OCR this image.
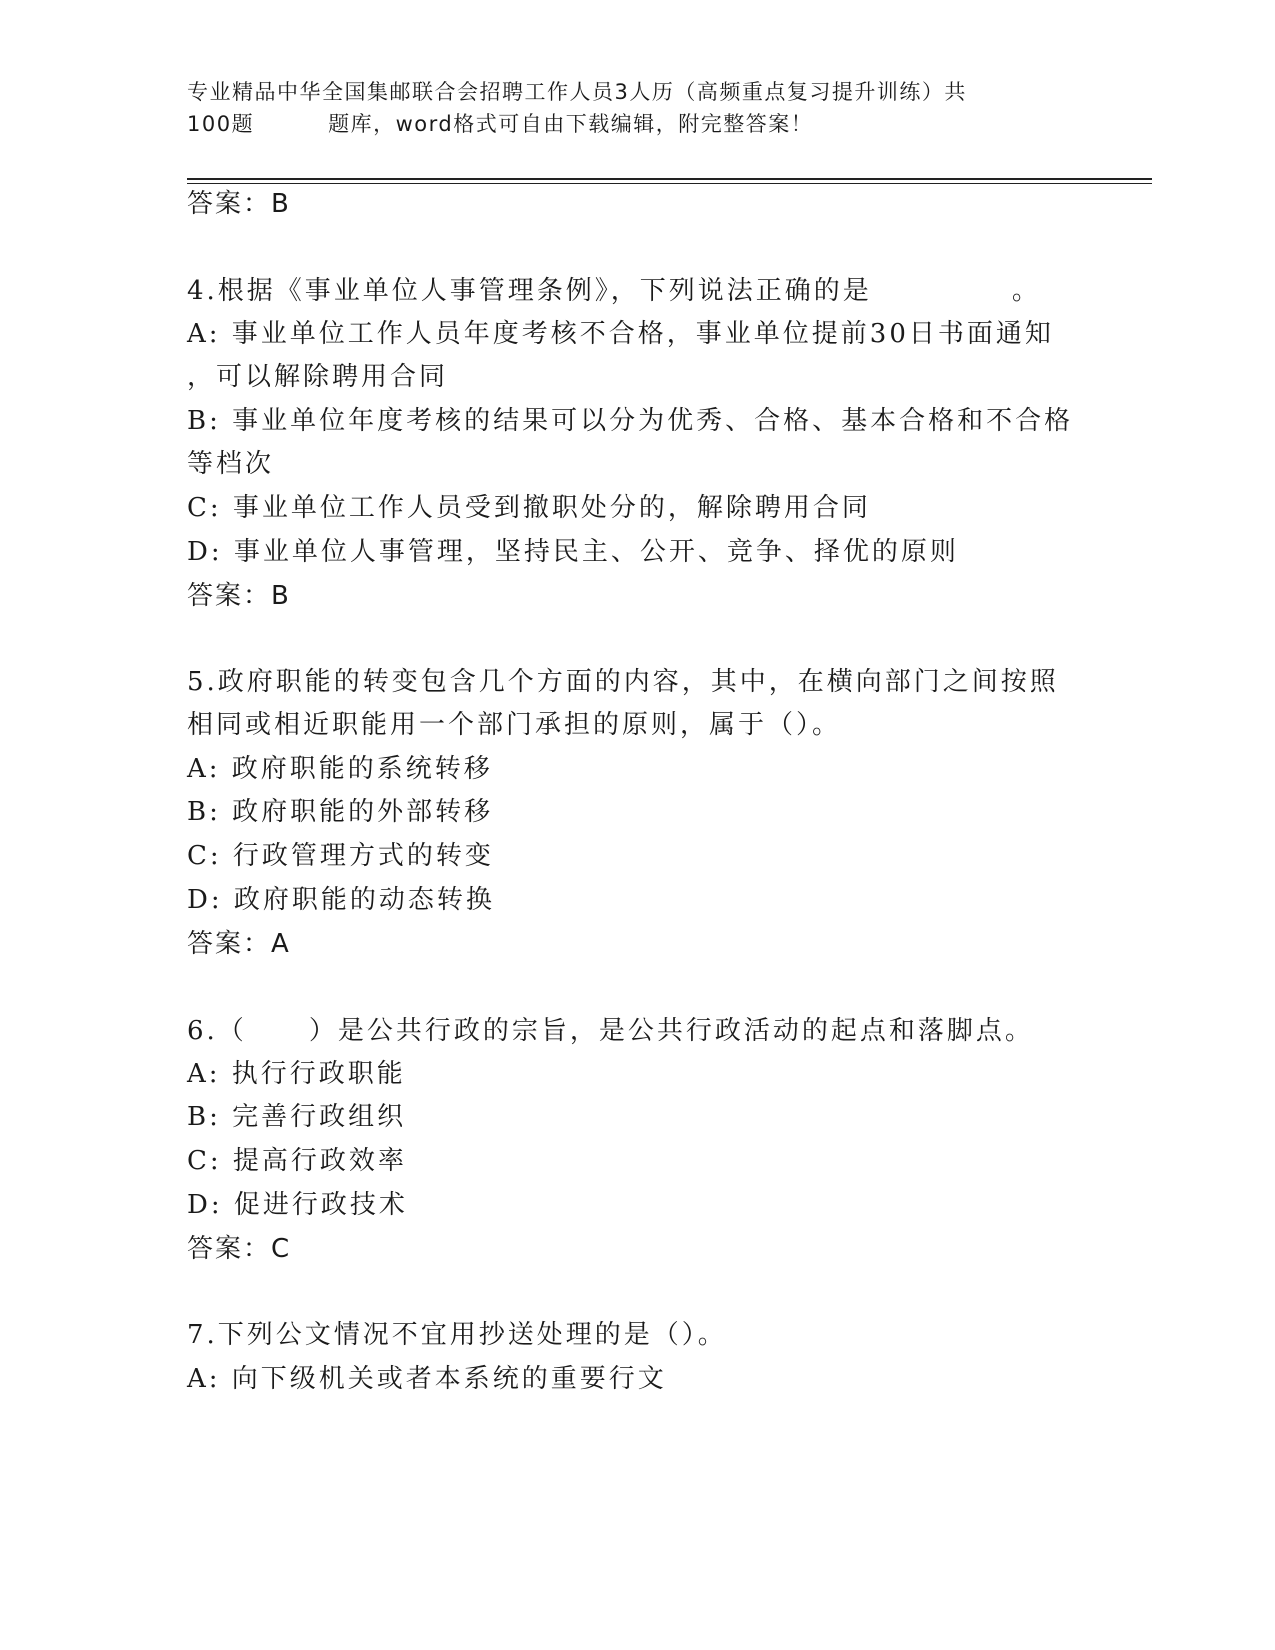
专业精品中华全国集邮联合会招聘工作人员3人历（高频重点复习提升训练）共
100题	题库，word格式可自由下载编辑，附完整答案！
答案：B
4.根据《事业单位人事管理条例》，下列说法正确的是	。
A: 事业单位工作人员年度考核不合格，事业单位提前30日书面通知
，可以解除聘用合同
B: 事业单位年度考核的结果可以分为优秀、合格、基本合格和不合格
等档次
C: 事业单位工作人员受到撤职处分的，解除聘用合同
D: 事业单位人事管理，坚持民主、公开、竞争、择优的原则
答案：B
5.政府职能的转变包含几个方面的内容，其中，在横向部门之间按照
相同或相近职能用一个部门承担的原则，属于（）。
A: 政府职能的系统转移
B: 政府职能的外部转移
C: 行政管理方式的转变
D: 政府职能的动态转换
答案：A
6.（ ）是公共行政的宗旨，是公共行政活动的起点和落脚点。
A: 执行行政职能
B: 完善行政组织
C: 提高行政效率
D: 促进行政技术
答案：C
7.下列公文情况不宜用抄送处理的是（）。
A: 向下级机关或者本系统的重要行文
